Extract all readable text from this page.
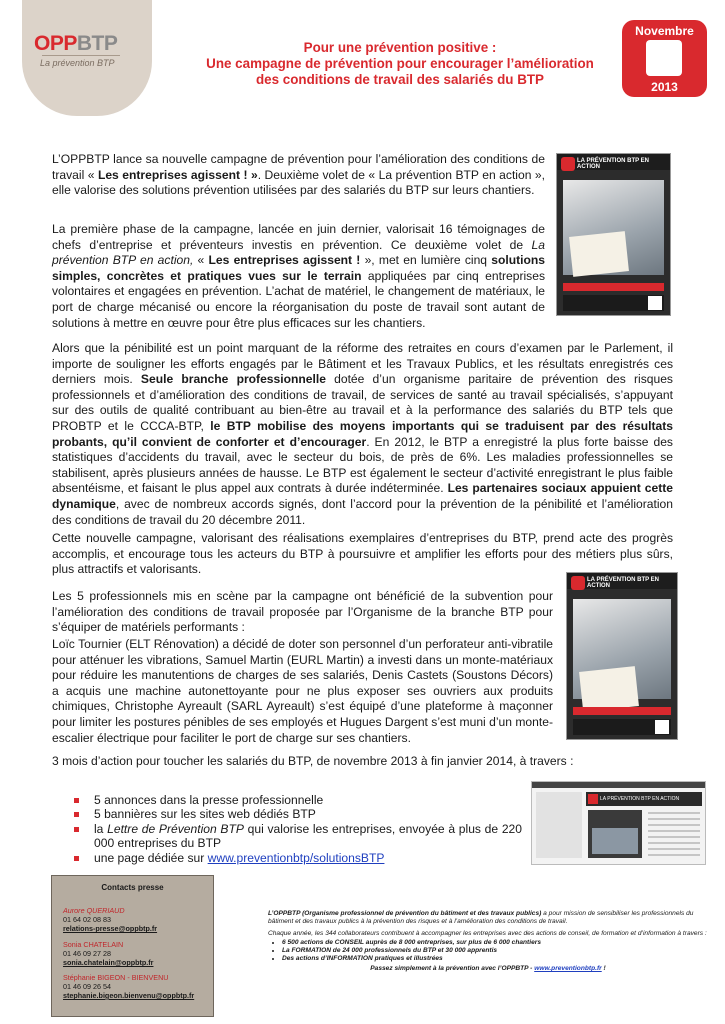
OPPBTP
La prévention BTP
Pour une prévention positive :
Une campagne de prévention pour encourager l’amélioration
des conditions de travail des salariés du BTP
Novembre
2013
L’OPPBTP lance sa nouvelle campagne de prévention pour l’amélioration des conditions de travail « Les entreprises agissent ! ». Deuxième volet de « La prévention BTP en action », elle valorise des solutions prévention utilisées par des salariés du BTP sur leurs chantiers.
La première phase de la campagne, lancée en juin dernier, valorisait 16 témoignages de chefs d’entreprise et préventeurs investis en prévention. Ce deuxième volet de La prévention BTP en action, « Les entreprises agissent ! », met en lumière cinq solutions simples, concrètes et pratiques vues sur le terrain appliquées par cinq entreprises volontaires et engagées en prévention. L’achat de matériel, le changement de matériaux, le port de charge mécanisé ou encore la réorganisation du poste de travail sont autant de solutions à mettre en œuvre pour être plus efficaces sur les chantiers.
LA PRÉVENTION BTP EN ACTION
Alors que la pénibilité est un point marquant de la réforme des retraites en cours d’examen par le Parlement, il importe de souligner les efforts engagés par le Bâtiment et les Travaux Publics, et les résultats enregistrés ces derniers mois. Seule branche professionnelle dotée d’un organisme paritaire de prévention des risques professionnels et d’amélioration des conditions de travail, de services de santé au travail spécialisés, s’appuyant sur des outils de qualité contribuant au bien-être au travail et à la performance des salariés du BTP tels que PROBTP et le CCCA-BTP, le BTP mobilise des moyens importants qui se traduisent par des résultats probants, qu’il convient de conforter et d’encourager. En 2012, le BTP a enregistré la plus forte baisse des statistiques d’accidents du travail, avec le secteur du bois, de près de 6%. Les maladies professionnelles se stabilisent, après plusieurs années de hausse. Le BTP est également le secteur d’activité enregistrant le plus faible absentéisme, et faisant le plus appel aux contrats à durée indéterminée. Les partenaires sociaux appuient cette dynamique, avec de nombreux accords signés, dont l’accord pour la prévention de la pénibilité et l’amélioration des conditions de travail du 20 décembre 2011.
Cette nouvelle campagne, valorisant des réalisations exemplaires d’entreprises du BTP, prend acte des progrès accomplis, et encourage tous les acteurs du BTP à poursuivre et amplifier les efforts pour des métiers plus sûrs, plus attractifs et valorisants.
Les 5 professionnels mis en scène par la campagne ont bénéficié de la subvention pour l’amélioration des conditions de travail proposée par l’Organisme de la branche BTP pour s’équiper de matériels performants :
Loïc Tournier (ELT Rénovation) a décidé de doter son personnel d’un perforateur anti-vibratile pour atténuer les vibrations, Samuel Martin (EURL Martin) a investi dans un monte-matériaux pour réduire les manutentions de charges de ses salariés, Denis Castets (Soustons Décors) a acquis une machine autonettoyante pour ne plus exposer ses ouvriers aux produits chimiques, Christophe Ayreault (SARL Ayreault) s’est équipé d’une plateforme à maçonner pour limiter les postures pénibles de ses employés et Hugues Dargent s’est muni d’un monte-escalier électrique pour faciliter le port de charge sur ses chantiers.
LA PRÉVENTION BTP EN ACTION
3 mois d’action pour toucher les salariés du BTP, de novembre 2013 à fin janvier 2014, à travers :
5 annonces dans la presse professionnelle
5 bannières sur les sites web dédiés BTP
la Lettre de Prévention BTP qui valorise les entreprises, envoyée à plus de 220 000 entreprises du BTP
une page dédiée sur www.preventionbtp/solutionsBTP
LA PRÉVENTION BTP EN ACTION
Contacts presse
Aurore QUERIAUD
01 64 02 08 83
relations-presse@oppbtp.fr
Sonia CHATELAIN
01 46 09 27 28
sonia.chatelain@oppbtp.fr
Stéphanie BIGEON - BIENVENU
01 46 09 26 54
stephanie.bigeon.bienvenu@oppbtp.fr
L’OPPBTP (Organisme professionnel de prévention du bâtiment et des travaux publics) a pour mission de sensibiliser les professionnels du bâtiment et des travaux publics à la prévention des risques et à l’amélioration des conditions de travail.
Chaque année, les 344 collaborateurs contribuent à accompagner les entreprises avec des actions de conseil, de formation et d’information à travers :
• 6 500 actions de CONSEIL auprès de 8 000 entreprises, sur plus de 6 000 chantiers
• La FORMATION de 24 000 professionnels du BTP et 30 000 apprentis
• Des actions d’INFORMATION pratiques et illustrées
Passez simplement à la prévention avec l’OPPBTP - www.preventionbtp.fr !
